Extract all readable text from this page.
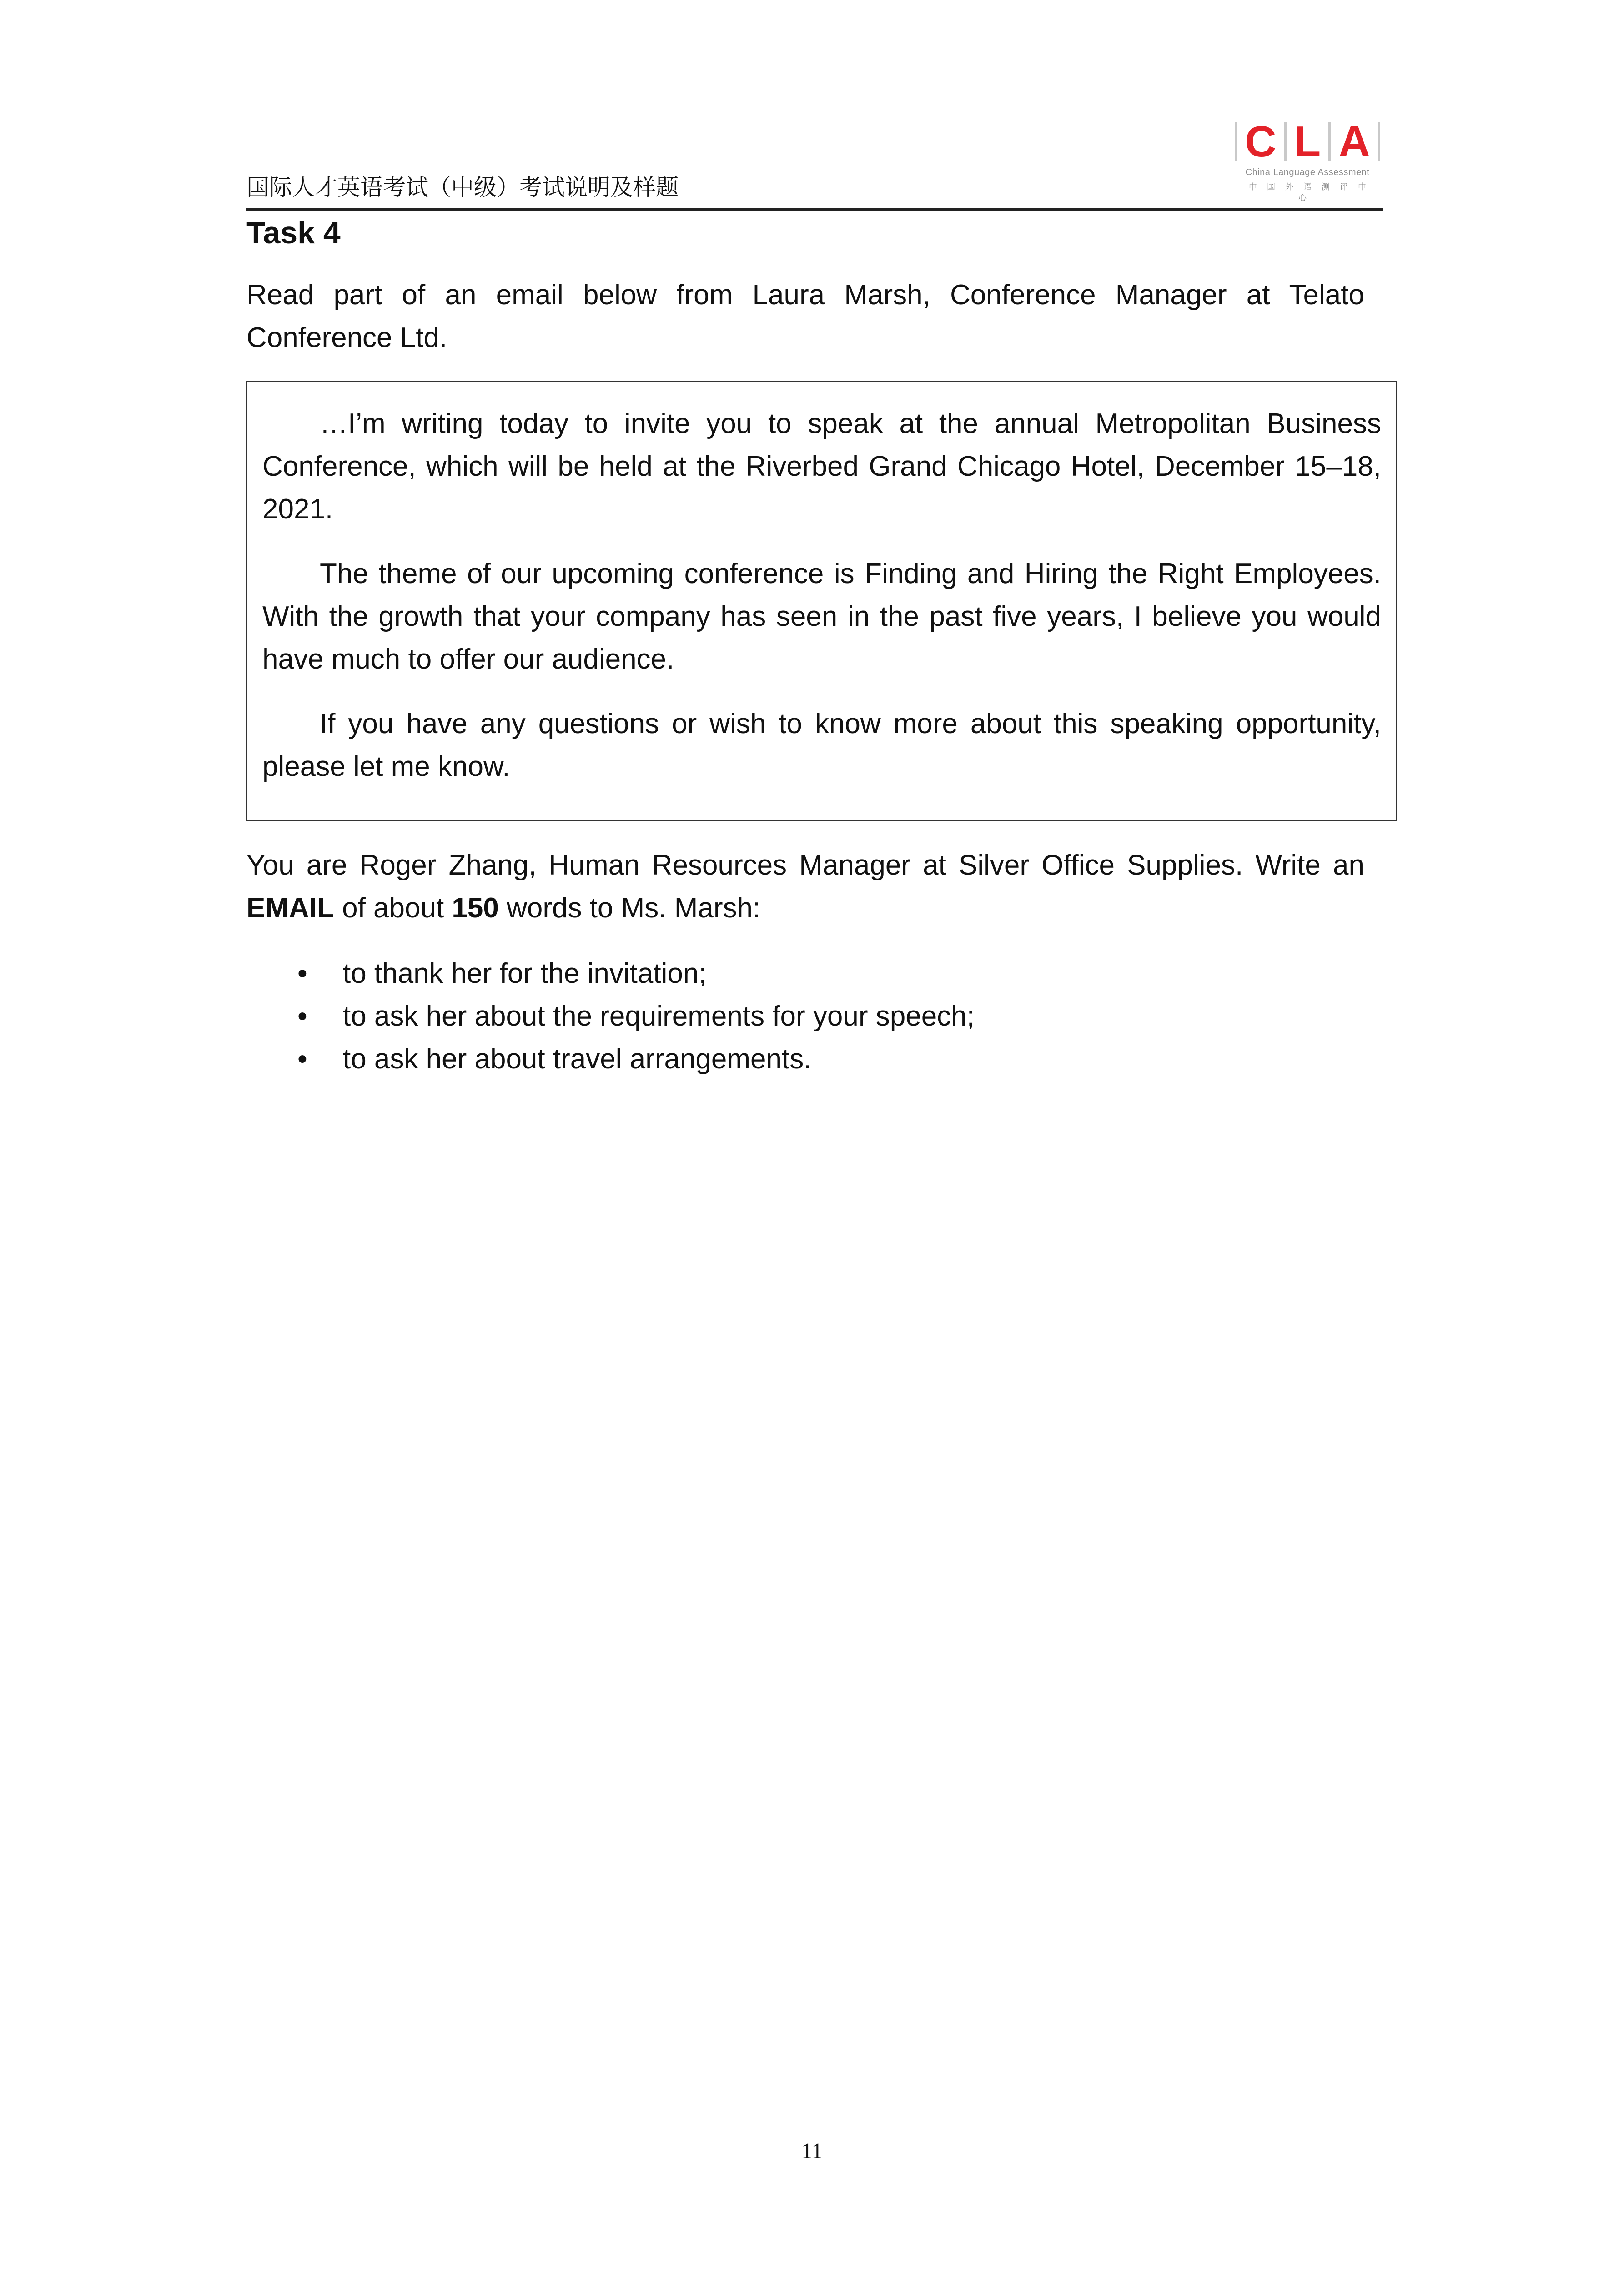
国际人才英语考试（中级）考试说明及样题
C L A
China Language Assessment
中国外语测评中心
Task 4
Read part of an email below from Laura Marsh, Conference Manager at Telato Conference Ltd.
…I’m writing today to invite you to speak at the annual Metropolitan Business Conference, which will be held at the Riverbed Grand Chicago Hotel, December 15–18, 2021.
The theme of our upcoming conference is Finding and Hiring the Right Employees. With the growth that your company has seen in the past five years, I believe you would have much to offer our audience.
If you have any questions or wish to know more about this speaking opportunity, please let me know.
You are Roger Zhang, Human Resources Manager at Silver Office Supplies. Write an EMAIL of about 150 words to Ms. Marsh:
• to thank her for the invitation;
• to ask her about the requirements for your speech;
• to ask her about travel arrangements.
11
